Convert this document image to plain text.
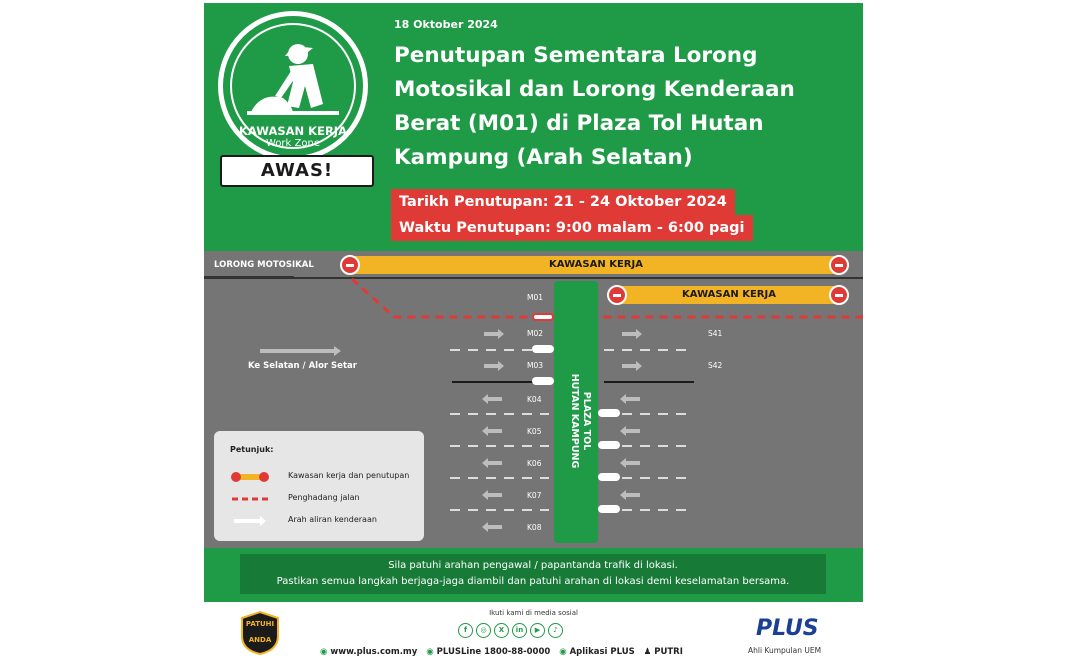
KAWASAN KERJA
Work Zone
AWAS!
18 Oktober 2024
Penutupan Sementara Lorong Motosikal dan Lorong Kenderaan Berat (M01) di Plaza Tol Hutan Kampung (Arah Selatan)
Tarikh Penutupan: 21 - 24 Oktober 2024
Waktu Penutupan: 9:00 malam - 6:00 pagi
LORONG MOTOSIKAL	KAWASAN KERJA
KAWASAN KERJA
Ke Selatan / Alor Setar
M01
M02
M03
K04
K05
K06
K07
K08
S41
S42
PLAZA TOL
HUTAN KAMPUNG
Petunjuk:
Kawasan kerja dan penutupan
Penghadang jalan
Arah aliran kenderaan
Sila patuhi arahan pengawal / papantanda trafik di lokasi.
Pastikan semua langkah berjaga-jaga diambil dan patuhi arahan di lokasi demi keselamatan bersama.
PATUHI
ANDA
Ikuti kami di media sosial
f	◎	X	in	▶	♪
◉ www.plus.com.my ◉ PLUSLine 1800-88-0000 ◉ Aplikasi PLUS ♟ PUTRI
PLUS
Ahli Kumpulan UEM
